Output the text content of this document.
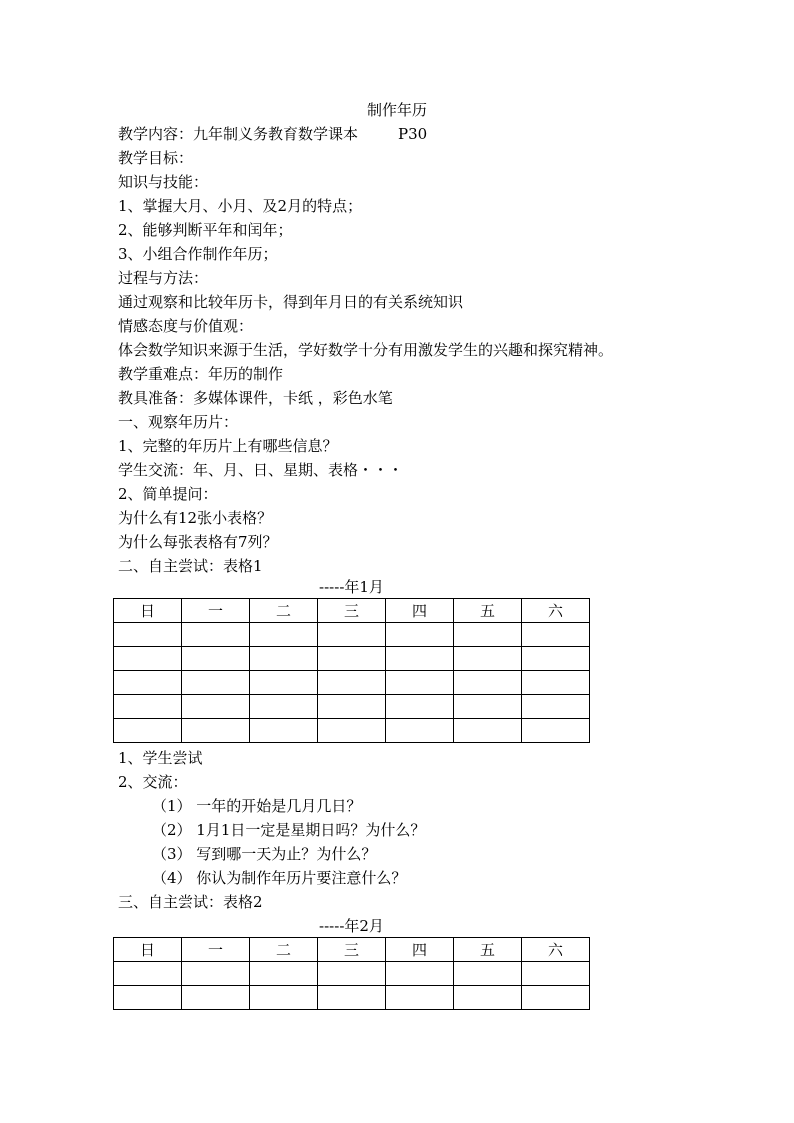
制作年历
教学内容：九年制义务教育数学课本	P30
教学目标：
知识与技能：
1、掌握大月、小月、及2月的特点；
2、能够判断平年和闰年；
3、小组合作制作年历；
过程与方法：
通过观察和比较年历卡，得到年月日的有关系统知识
情感态度与价值观：
体会数学知识来源于生活，学好数学十分有用激发学生的兴趣和探究精神。
教学重难点：年历的制作
教具准备：多媒体课件，卡纸 ，彩色水笔
一、观察年历片：
1、完整的年历片上有哪些信息？
学生交流：年、月、日、星期、表格・・・
2、简单提问：
为什么有12张小表格？
为什么每张表格有7列？
二、自主尝试：表格1
-----年1月
日	一	二	三	四	五	六

1、学生尝试
2、交流：
（1） 一年的开始是几月几日？
（2） 1月1日一定是星期日吗？为什么？
（3） 写到哪一天为止？为什么？
（4） 你认为制作年历片要注意什么？
三、自主尝试：表格2
-----年2月
日	一	二	三	四	五	六
